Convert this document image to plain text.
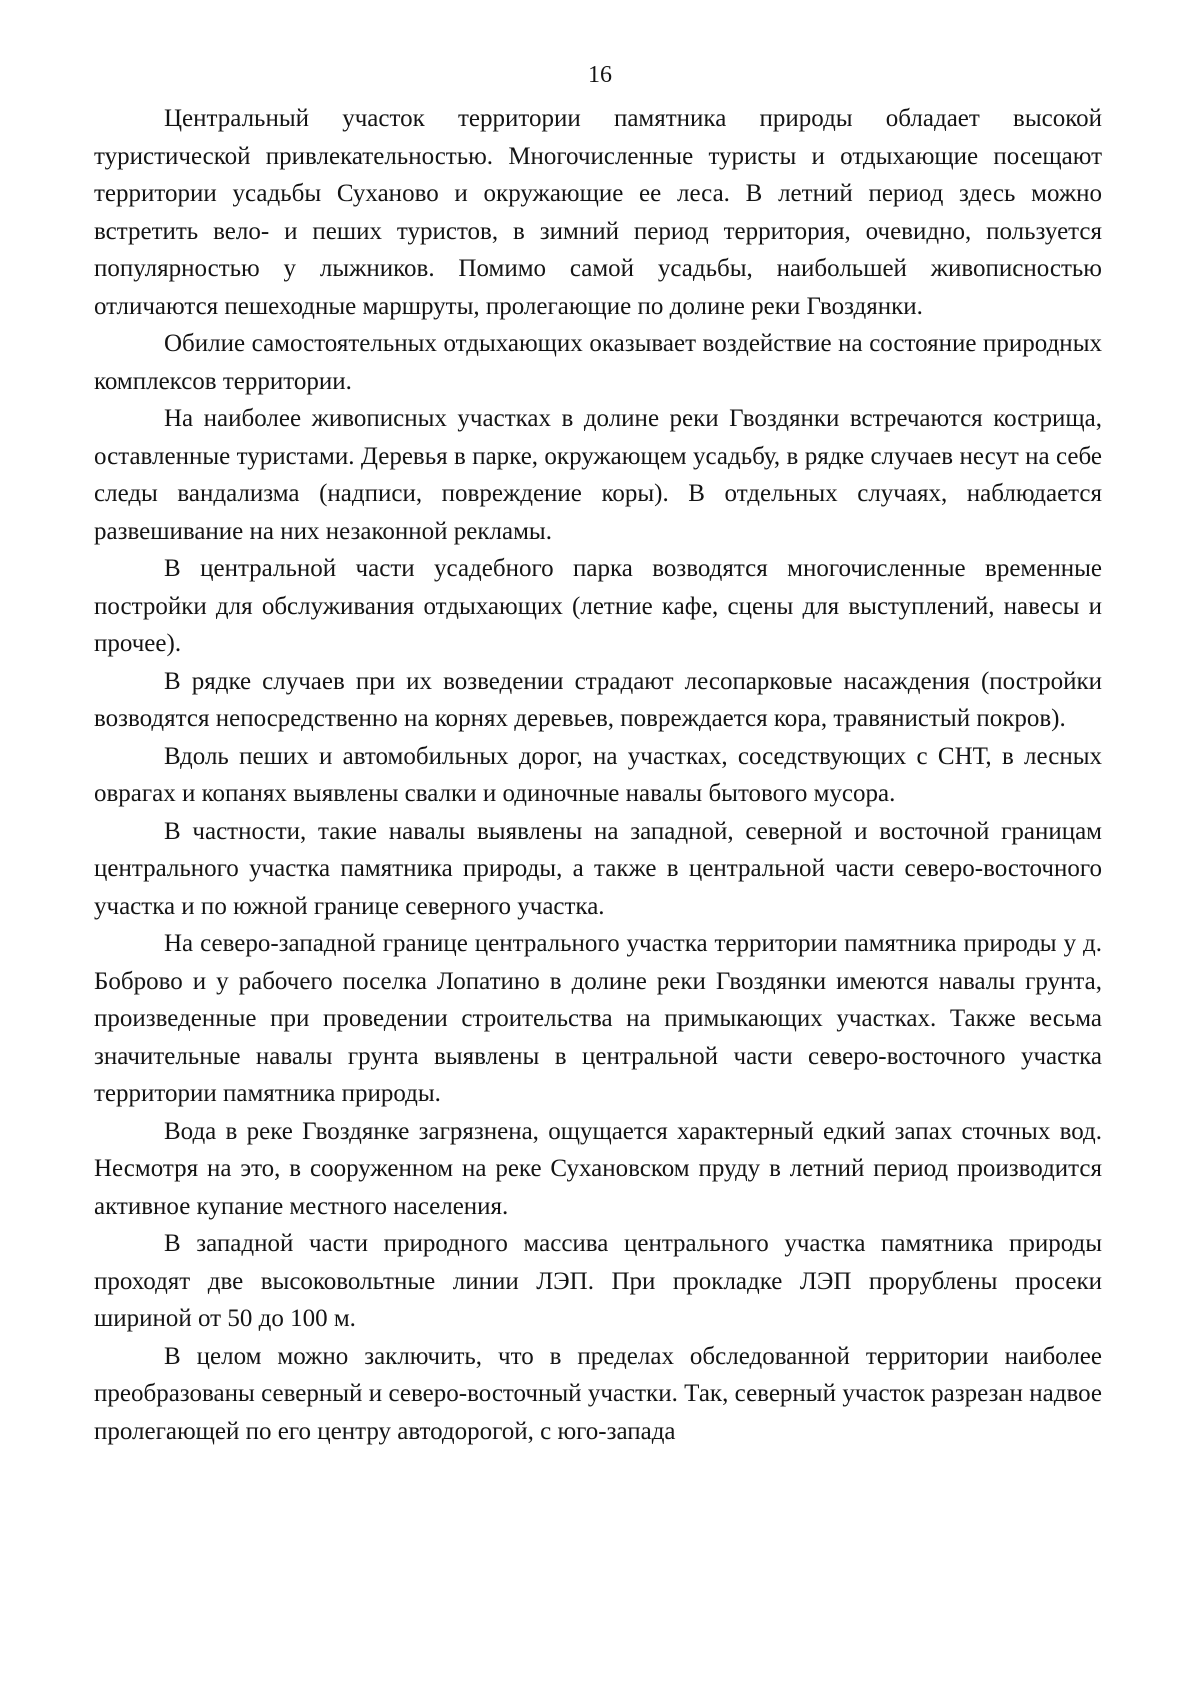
16

Центральный участок территории памятника природы обладает высокой туристической привлекательностью. Многочисленные туристы и отдыхающие посещают территории усадьбы Суханово и окружающие ее леса. В летний период здесь можно встретить вело- и пеших туристов, в зимний период территория, очевидно, пользуется популярностью у лыжников. Помимо самой усадьбы, наибольшей живописностью отличаются пешеходные маршруты, пролегающие по долине реки Гвоздянки.

Обилие самостоятельных отдыхающих оказывает воздействие на состояние природных комплексов территории.

На наиболее живописных участках в долине реки Гвоздянки встречаются кострища, оставленные туристами. Деревья в парке, окружающем усадьбу, в рядке случаев несут на себе следы вандализма (надписи, повреждение коры). В отдельных случаях, наблюдается развешивание на них незаконной рекламы.

В центральной части усадебного парка возводятся многочисленные временные постройки для обслуживания отдыхающих (летние кафе, сцены для выступлений, навесы и прочее).

В рядке случаев при их возведении страдают лесопарковые насаждения (постройки возводятся непосредственно на корнях деревьев, повреждается кора, травянистый покров).

Вдоль пеших и автомобильных дорог, на участках, соседствующих с СНТ, в лесных оврагах и копанях выявлены свалки и одиночные навалы бытового мусора.

В частности, такие навалы выявлены на западной, северной и восточной границам центрального участка памятника природы, а также в центральной части северо-восточного участка и по южной границе северного участка.

На северо-западной границе центрального участка территории памятника природы у д. Боброво и у рабочего поселка Лопатино в долине реки Гвоздянки имеются навалы грунта, произведенные при проведении строительства на примыкающих участках. Также весьма значительные навалы грунта выявлены в центральной части северо-восточного участка территории памятника природы.

Вода в реке Гвоздянке загрязнена, ощущается характерный едкий запах сточных вод. Несмотря на это, в сооруженном на реке Сухановском пруду в летний период производится активное купание местного населения.

В западной части природного массива центрального участка памятника природы проходят две высоковольтные линии ЛЭП. При прокладке ЛЭП прорублены просеки шириной от 50 до 100 м.

В целом можно заключить, что в пределах обследованной территории наиболее преобразованы северный и северо-восточный участки. Так, северный участок разрезан надвое пролегающей по его центру автодорогой, с юго-запада
